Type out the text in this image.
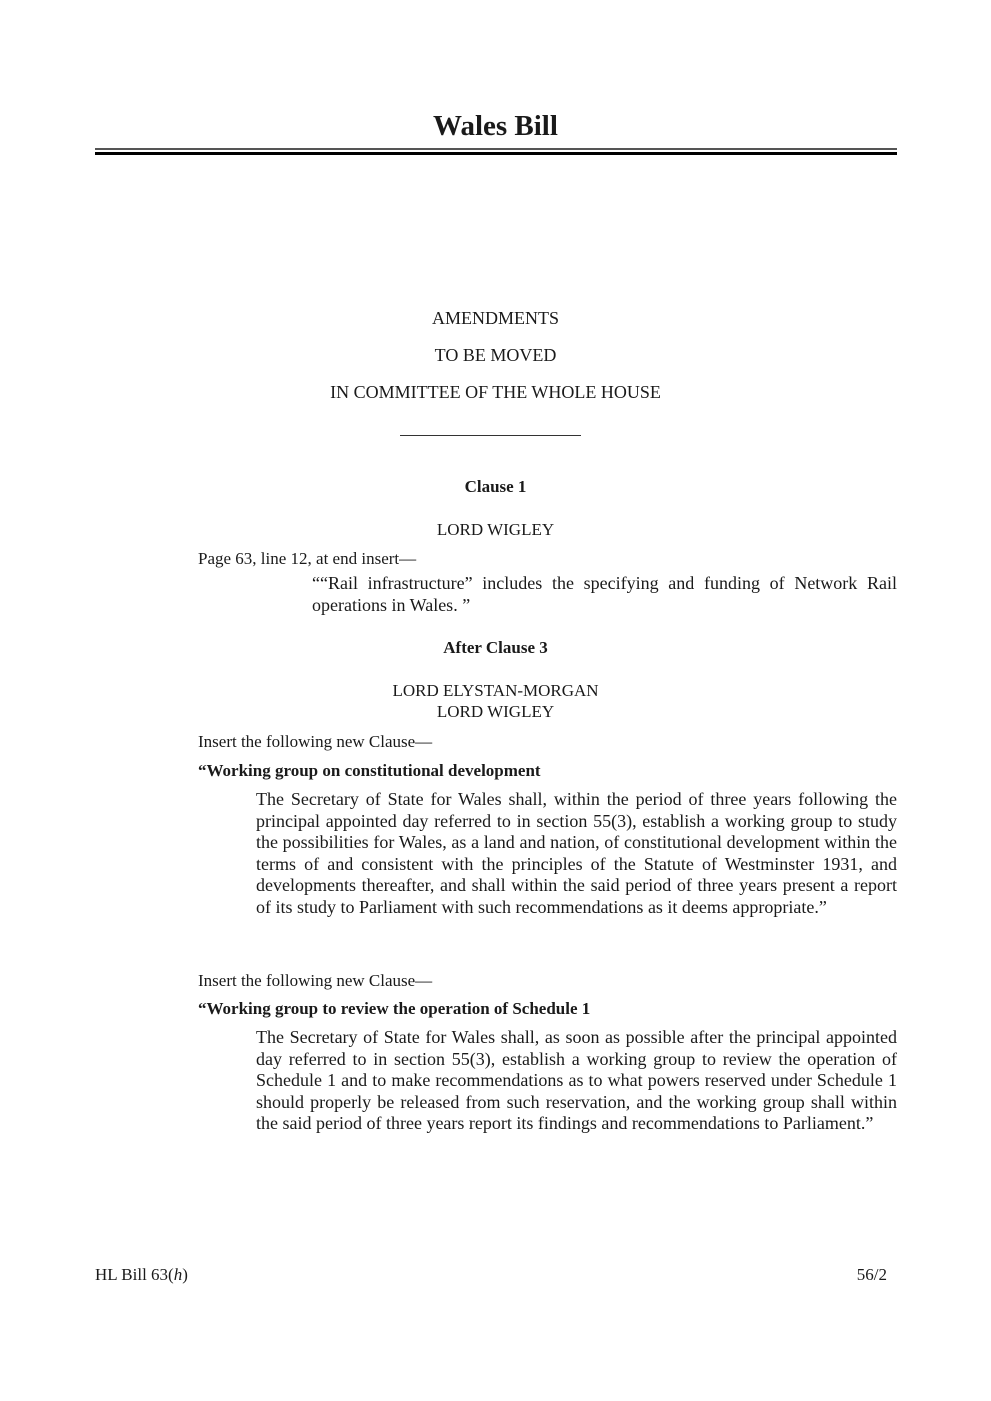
Wales Bill
AMENDMENTS
TO BE MOVED
IN COMMITTEE OF THE WHOLE HOUSE
Clause 1
LORD WIGLEY
Page 63, line 12, at end insert—
““Rail infrastructure” includes the specifying and funding of Network Rail operations in Wales. ”
After Clause 3
LORD ELYSTAN-MORGAN
LORD WIGLEY
Insert the following new Clause—
“Working group on constitutional development
The Secretary of State for Wales shall, within the period of three years following the principal appointed day referred to in section 55(3), establish a working group to study the possibilities for Wales, as a land and nation, of constitutional development within the terms of and consistent with the principles of the Statute of Westminster 1931, and developments thereafter, and shall within the said period of three years present a report of its study to Parliament with such recommendations as it deems appropriate.”
Insert the following new Clause—
“Working group to review the operation of Schedule 1
The Secretary of State for Wales shall, as soon as possible after the principal appointed day referred to in section 55(3), establish a working group to review the operation of Schedule 1 and to make recommendations as to what powers reserved under Schedule 1 should properly be released from such reservation, and the working group shall within the said period of three years report its findings and recommendations to Parliament.”
HL Bill 63(h)	56/2
